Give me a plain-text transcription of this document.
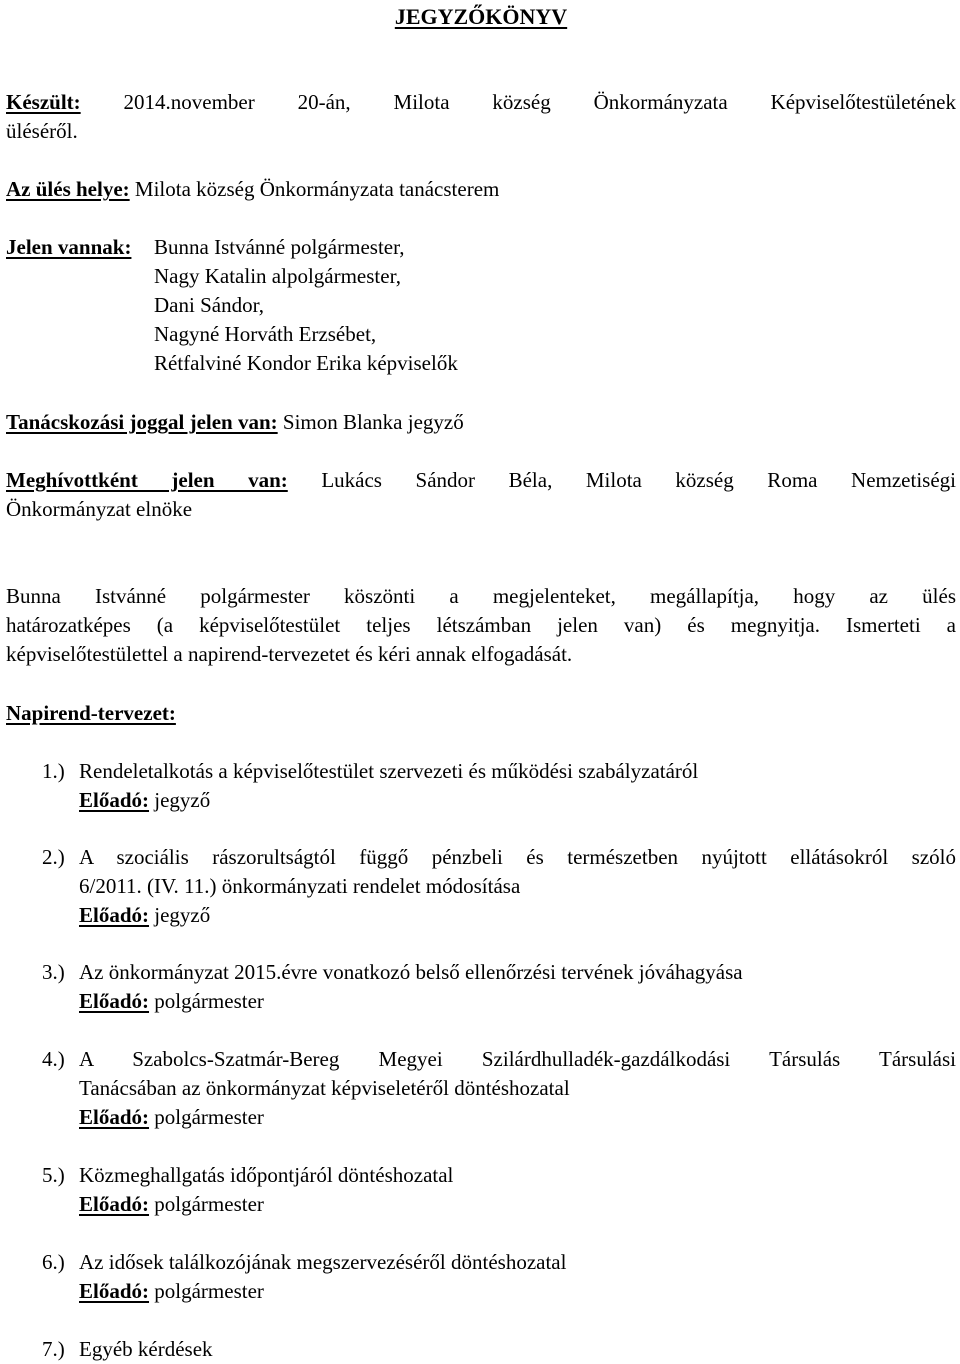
JEGYZŐKÖNYV
Készült: 2014.november 20-án, Milota község Önkormányzata Képviselőtestületének
üléséről.
Az ülés helye: Milota község Önkormányzata tanácsterem
Jelen vannak:	Bunna Istvánné polgármester,
Nagy Katalin alpolgármester,
Dani Sándor,
Nagyné Horváth Erzsébet,
Rétfalviné Kondor Erika képviselők
Tanácskozási joggal jelen van: Simon Blanka jegyző
Meghívottként jelen van: Lukács Sándor Béla, Milota község Roma Nemzetiségi
Önkormányzat elnöke
Bunna Istvánné polgármester köszönti a megjelenteket, megállapítja, hogy az ülés
határozatképes (a képviselőtestület teljes létszámban jelen van) és megnyitja. Ismerteti a
képviselőtestülettel a napirend-tervezetet és kéri annak elfogadását.
Napirend-tervezet:
1.) Rendeletalkotás a képviselőtestület szervezeti és működési szabályzatáról
Előadó: jegyző
2.) A szociális rászorultságtól függő pénzbeli és természetben nyújtott ellátásokról szóló
6/2011. (IV. 11.) önkormányzati rendelet módosítása
Előadó: jegyző
3.) Az önkormányzat 2015.évre vonatkozó belső ellenőrzési tervének jóváhagyása
Előadó: polgármester
4.) A Szabolcs-Szatmár-Bereg Megyei Szilárdhulladék-gazdálkodási Társulás Társulási
Tanácsában az önkormányzat képviseletéről döntéshozatal
Előadó: polgármester
5.) Közmeghallgatás időpontjáról döntéshozatal
Előadó: polgármester
6.) Az idősek találkozójának megszervezéséről döntéshozatal
Előadó: polgármester
7.) Egyéb kérdések
